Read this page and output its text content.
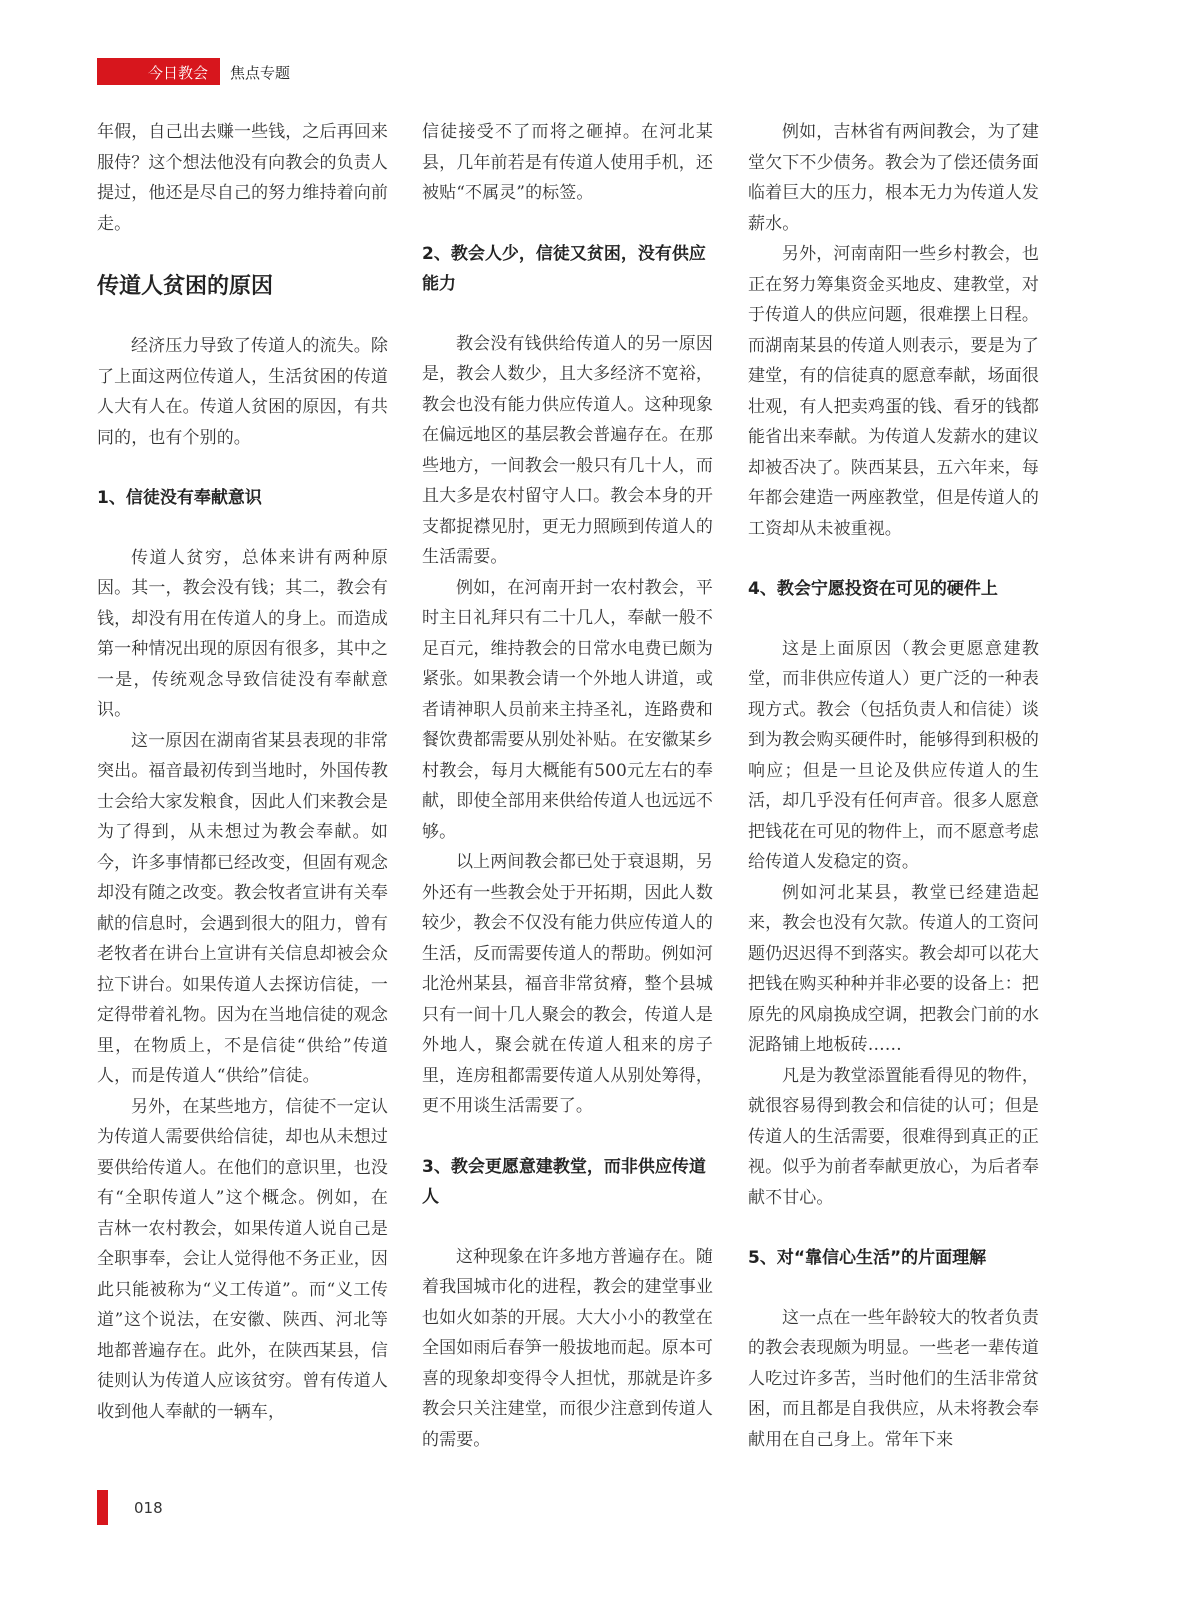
今日教会 焦点专题

年假，自己出去赚一些钱，之后再回来服侍？这个想法他没有向教会的负责人提过，他还是尽自己的努力维持着向前走。

传道人贫困的原因

经济压力导致了传道人的流失。除了上面这两位传道人，生活贫困的传道人大有人在。传道人贫困的原因，有共同的，也有个别的。

1、信徒没有奉献意识

传道人贫穷，总体来讲有两种原因。其一，教会没有钱；其二，教会有钱，却没有用在传道人的身上。而造成第一种情况出现的原因有很多，其中之一是，传统观念导致信徒没有奉献意识。

这一原因在湖南省某县表现的非常突出。福音最初传到当地时，外国传教士会给大家发粮食，因此人们来教会是为了得到，从未想过为教会奉献。如今，许多事情都已经改变，但固有观念却没有随之改变。教会牧者宣讲有关奉献的信息时，会遇到很大的阻力，曾有老牧者在讲台上宣讲有关信息却被会众拉下讲台。如果传道人去探访信徒，一定得带着礼物。因为在当地信徒的观念里，在物质上，不是信徒“供给”传道人，而是传道人“供给”信徒。

另外，在某些地方，信徒不一定认为传道人需要供给信徒，却也从未想过要供给传道人。在他们的意识里，也没有“全职传道人”这个概念。例如，在吉林一农村教会，如果传道人说自己是全职事奉，会让人觉得他不务正业，因此只能被称为“义工传道”。而“义工传道”这个说法，在安徽、陕西、河北等地都普遍存在。此外，在陕西某县，信徒则认为传道人应该贫穷。曾有传道人收到他人奉献的一辆车，

信徒接受不了而将之砸掉。在河北某县，几年前若是有传道人使用手机，还被贴“不属灵”的标签。

2、教会人少，信徒又贫困，没有供应能力

教会没有钱供给传道人的另一原因是，教会人数少，且大多经济不宽裕，教会也没有能力供应传道人。这种现象在偏远地区的基层教会普遍存在。在那些地方，一间教会一般只有几十人，而且大多是农村留守人口。教会本身的开支都捉襟见肘，更无力照顾到传道人的生活需要。

例如，在河南开封一农村教会，平时主日礼拜只有二十几人，奉献一般不足百元，维持教会的日常水电费已颇为紧张。如果教会请一个外地人讲道，或者请神职人员前来主持圣礼，连路费和餐饮费都需要从别处补贴。在安徽某乡村教会，每月大概能有500元左右的奉献，即使全部用来供给传道人也远远不够。

以上两间教会都已处于衰退期，另外还有一些教会处于开拓期，因此人数较少，教会不仅没有能力供应传道人的生活，反而需要传道人的帮助。例如河北沧州某县，福音非常贫瘠，整个县城只有一间十几人聚会的教会，传道人是外地人，聚会就在传道人租来的房子里，连房租都需要传道人从别处筹得，更不用谈生活需要了。

3、教会更愿意建教堂，而非供应传道人

这种现象在许多地方普遍存在。随着我国城市化的进程，教会的建堂事业也如火如荼的开展。大大小小的教堂在全国如雨后春笋一般拔地而起。原本可喜的现象却变得令人担忧，那就是许多教会只关注建堂，而很少注意到传道人的需要。

例如，吉林省有两间教会，为了建堂欠下不少债务。教会为了偿还债务面临着巨大的压力，根本无力为传道人发薪水。

另外，河南南阳一些乡村教会，也正在努力筹集资金买地皮、建教堂，对于传道人的供应问题，很难摆上日程。而湖南某县的传道人则表示，要是为了建堂，有的信徒真的愿意奉献，场面很壮观，有人把卖鸡蛋的钱、看牙的钱都能省出来奉献。为传道人发薪水的建议却被否决了。陕西某县，五六年来，每年都会建造一两座教堂，但是传道人的工资却从未被重视。

4、教会宁愿投资在可见的硬件上

这是上面原因（教会更愿意建教堂，而非供应传道人）更广泛的一种表现方式。教会（包括负责人和信徒）谈到为教会购买硬件时，能够得到积极的响应；但是一旦论及供应传道人的生活，却几乎没有任何声音。很多人愿意把钱花在可见的物件上，而不愿意考虑给传道人发稳定的资。

例如河北某县，教堂已经建造起来，教会也没有欠款。传道人的工资问题仍迟迟得不到落实。教会却可以花大把钱在购买种种并非必要的设备上：把原先的风扇换成空调，把教会门前的水泥路铺上地板砖……

凡是为教堂添置能看得见的物件，就很容易得到教会和信徒的认可；但是传道人的生活需要，很难得到真正的正视。似乎为前者奉献更放心，为后者奉献不甘心。

5、对“靠信心生活”的片面理解

这一点在一些年龄较大的牧者负责的教会表现颇为明显。一些老一辈传道人吃过许多苦，当时他们的生活非常贫困，而且都是自我供应，从未将教会奉献用在自己身上。常年下来

018
